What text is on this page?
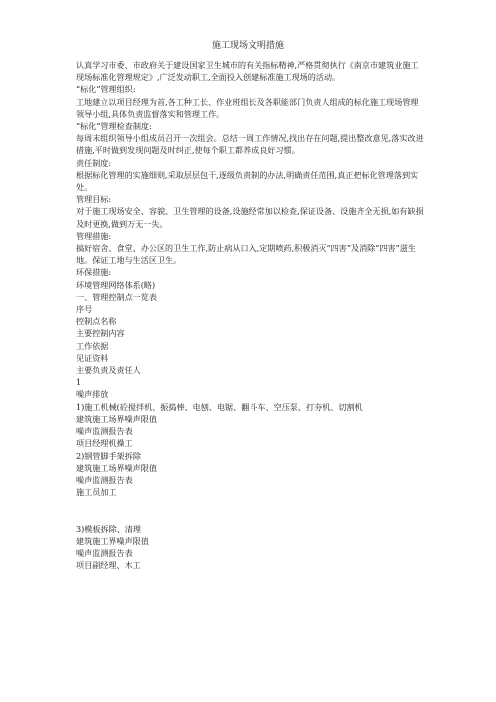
施工现场文明措施
认真学习市委、市政府关于建设国家卫生城市的有关指标精神,严格贯彻执行《南京市建筑业施工现场标准化管理规定》,广泛发动职工,全面投入创建标准施工现场的活动。
“标化”管理组织:
工地建立以项目经理为首,各工种工长、作业班组长及各职能部门负责人组成的标化施工现场管理领导小组,具体负责监督落实和管理工作。
“标化”管理检查制度:
每周末组织领导小组成员召开一次组会。总结一周工作情况,找出存在问题,提出整改意见,落实改进措施,平时做到发现问题及时纠正,使每个职工都养成良好习惯。
责任制度:
根据标化管理的实施细则,采取层层包干,逐级负责制的办法,明确责任范围,真正把标化管理落到实处。
管理目标:
对于施工现场安全、容貌、卫生管理的设备,设施经常加以检查,保证设备、设施齐全无损,如有缺损及时更换,做到万无一失。
管理措施:
搞好宿舍、食堂、办公区的卫生工作,防止病从口入,定期喷药,积极消灭“四害”及消除“四害”滋生地。保证工地与生活区卫生。
环保措施:
环境管理网络体系(略)
一、管理控制点一览表
序号
控制点名称
主要控制内容
工作依据
见证资料
主要负责及责任人
1
噪声排放
1)施工机械(砼搅拌机、振捣棒、电刨、电锯、翻斗车、空压泵、打夯机、切割机
建筑施工场界噪声限值
噪声监测报告表
项目经理机操工
2)钢管脚手架拆除
建筑施工场界噪声限值
噪声监测报告表
施工员加工
3)模板拆除、清理
建筑施工界噪声限值
噪声监测报告表
项目副经理、木工
